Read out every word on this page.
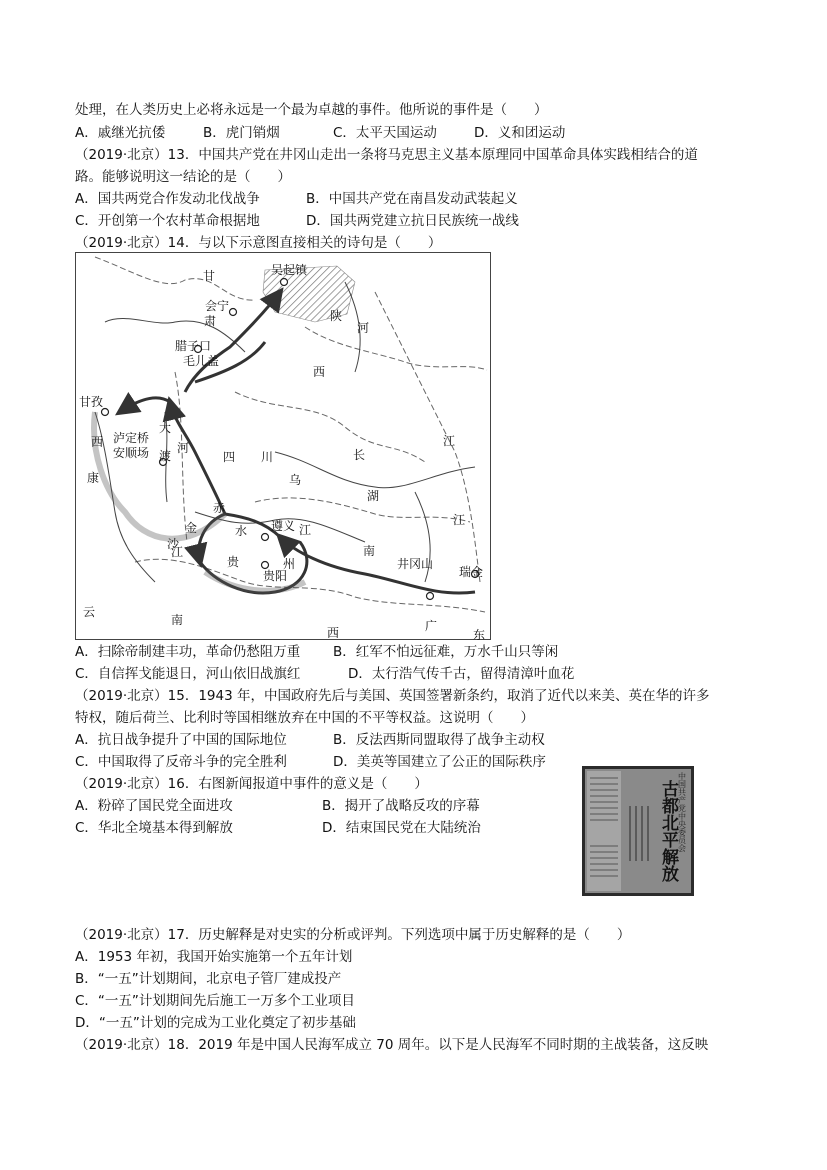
处理，在人类历史上必将永远是一个最为卓越的事件。他所说的事件是（　　）
A．戚继光抗倭	B．虎门销烟	C．太平天国运动	D．义和团运动
（2019·北京）13．中国共产党在井冈山走出一条将马克思主义基本原理同中国革命具体实践相结合的道
路。能够说明这一结论的是（　　）
A．国共两党合作发动北伐战争	B．中国共产党在南昌发动武装起义
C．开创第一个农村革命根据地	D．国共两党建立抗日民族统一战线
（2019·北京）14．与以下示意图直接相关的诗句是（　　）
甘	吴起镇
会宁
肃	陕
河
腊子口
西
毛儿盖
甘孜
西 泸定桥
安顺场
大
渡
河
康
四 川	长
江
乌
湖
江
赤
水 遵义 江
金
沙
江
贵	州
贵阳
南
井冈山
瑞金
云
南
西	广
东
A．扫除帝制建丰功，革命仍愁阻万重 B．红军不怕远征难，万水千山只等闲
C．自信挥戈能退日，河山依旧战旗红	D．太行浩气传千古，留得清漳叶血花
（2019·北京）15．1943 年，中国政府先后与美国、英国签署新条约，取消了近代以来美、英在华的许多
特权，随后荷兰、比利时等国相继放弃在中国的不平等权益。这说明（　　）
A．抗日战争提升了中国的国际地位	B．反法西斯同盟取得了战争主动权
C．中国取得了反帝斗争的完全胜利	D．美英等国建立了公正的国际秩序
（2019·北京）16．右图新闻报道中事件的意义是（　　）
A．粉碎了国民党全面进攻	B．揭开了战略反攻的序幕
C．华北全境基本得到解放	D．结束国民党在大陆统治	中国共产党中央委员会
古都北平解放
（2019·北京）17．历史解释是对史实的分析或评判。下列选项中属于历史解释的是（　　）
A．1953 年初，我国开始实施第一个五年计划
B．“一五”计划期间，北京电子管厂建成投产
C．“一五”计划期间先后施工一万多个工业项目
D．“一五”计划的完成为工业化奠定了初步基础
（2019·北京）18．2019 年是中国人民海军成立 70 周年。以下是人民海军不同时期的主战装备，这反映
